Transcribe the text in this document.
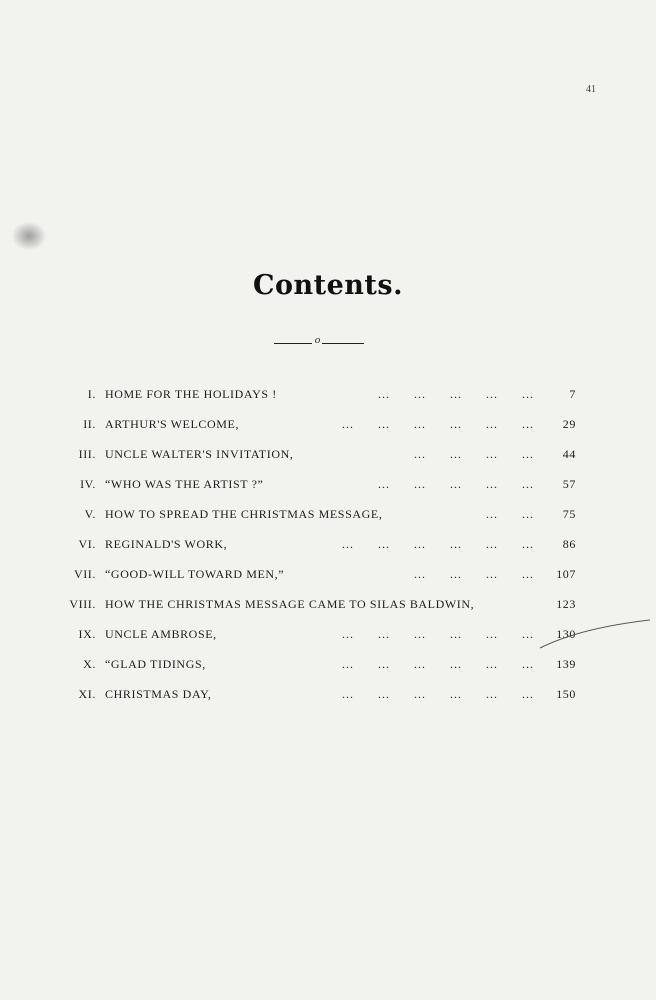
41
Contents.
o
I. HOME FOR THE HOLIDAYS !	...      ...      ...      ...      ...	7
II. ARTHUR'S WELCOME,	...      ...      ...      ...      ...      ... 29
III. UNCLE WALTER'S INVITATION,	...      ...      ...      ... 44
IV. “WHO WAS THE ARTIST ?”	...      ...      ...      ...      ... 57
V. HOW TO SPREAD THE CHRISTMAS MESSAGE,	...      ... 75
VI. REGINALD'S WORK,	...      ...      ...      ...      ...      ... 86
VII. “GOOD-WILL TOWARD MEN,”	...      ...      ...      ... 107
VIII. HOW THE CHRISTMAS MESSAGE CAME TO SILAS BALDWIN,	123
IX. UNCLE AMBROSE,	...      ...      ...      ...      ...      ... 130
X. “GLAD TIDINGS,	...      ...      ...      ...      ...      ... 139
XI. CHRISTMAS DAY,	...      ...      ...      ...      ...      ... 150
